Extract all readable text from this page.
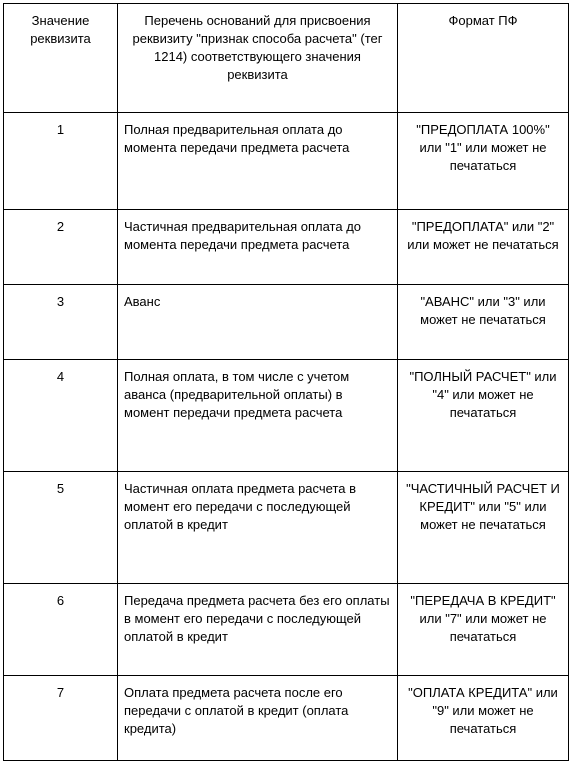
Значение реквизита	Перечень оснований для присвоения реквизиту "признак способа расчета" (тег 1214) соответствующего значения реквизита	Формат ПФ
1	Полная предварительная оплата до момента передачи предмета расчета	"ПРЕДОПЛАТА 100%" или "1" или может не печататься
2	Частичная предварительная оплата до момента передачи предмета расчета	"ПРЕДОПЛАТА" или "2" или может не печататься
3	Аванс	"АВАНС" или "3" или может не печататься
4	Полная оплата, в том числе с учетом аванса (предварительной оплаты) в момент передачи предмета расчета	"ПОЛНЫЙ РАСЧЕТ" или "4" или может не печататься
5	Частичная оплата предмета расчета в момент его передачи с последующей оплатой в кредит	"ЧАСТИЧНЫЙ РАСЧЕТ И КРЕДИТ" или "5" или может не печататься
6	Передача предмета расчета без его оплаты в момент его передачи с последующей оплатой в кредит	"ПЕРЕДАЧА В КРЕДИТ" или "7" или может не печататься
7	Оплата предмета расчета после его передачи с оплатой в кредит (оплата кредита)	"ОПЛАТА КРЕДИТА" или "9" или может не печататься
